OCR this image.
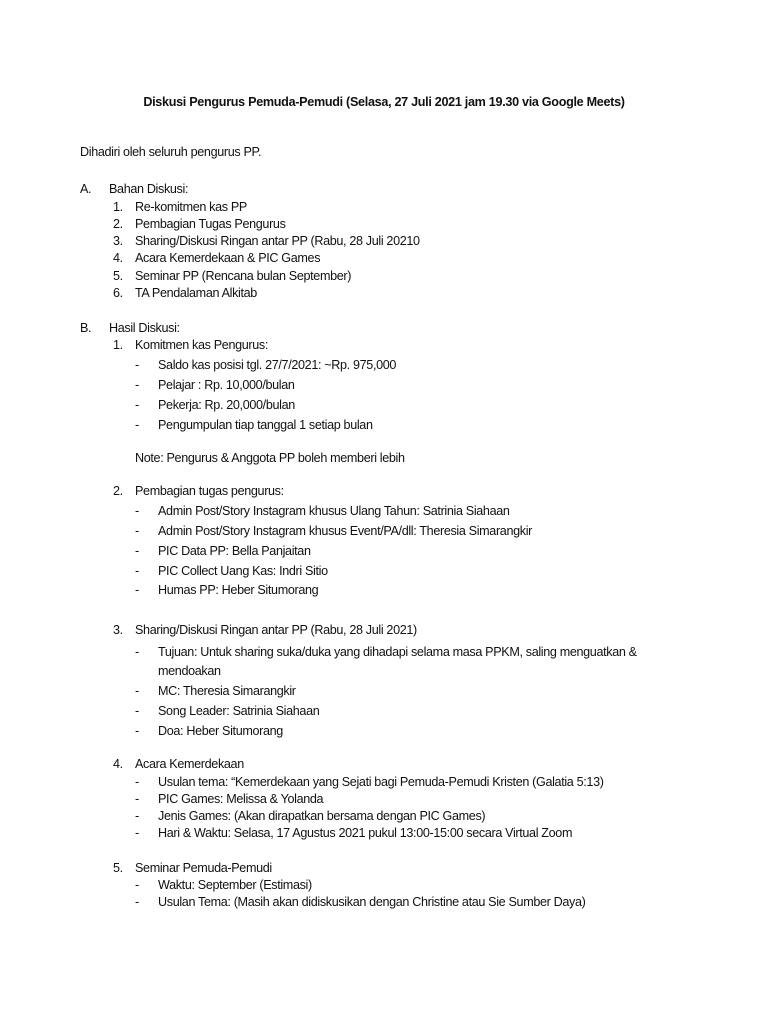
Diskusi Pengurus Pemuda-Pemudi (Selasa, 27 Juli 2021 jam 19.30 via Google Meets)
Dihadiri oleh seluruh pengurus PP.
A. Bahan Diskusi:
1. Re-komitmen kas PP
2. Pembagian Tugas Pengurus
3. Sharing/Diskusi Ringan antar PP (Rabu, 28 Juli 20210
4. Acara Kemerdekaan & PIC Games
5. Seminar PP (Rencana bulan September)
6. TA Pendalaman Alkitab
B. Hasil Diskusi:
1. Komitmen kas Pengurus:
- Saldo kas posisi tgl. 27/7/2021: ~Rp. 975,000
- Pelajar : Rp. 10,000/bulan
- Pekerja: Rp. 20,000/bulan
- Pengumpulan tiap tanggal 1 setiap bulan
Note: Pengurus & Anggota PP boleh memberi lebih
2. Pembagian tugas pengurus:
- Admin Post/Story Instagram khusus Ulang Tahun: Satrinia Siahaan
- Admin Post/Story Instagram khusus Event/PA/dll: Theresia Simarangkir
- PIC Data PP: Bella Panjaitan
- PIC Collect Uang Kas: Indri Sitio
- Humas PP: Heber Situmorang
3. Sharing/Diskusi Ringan antar PP (Rabu, 28 Juli 2021)
- Tujuan: Untuk sharing suka/duka yang dihadapi selama masa PPKM, saling menguatkan &
- MC: Theresia Simarangkir
- Song Leader: Satrinia Siahaan
- Doa: Heber Situmorang
mendoakan
4. Acara Kemerdekaan
- Usulan tema: “Kemerdekaan yang Sejati bagi Pemuda-Pemudi Kristen (Galatia 5:13)
- PIC Games: Melissa & Yolanda
- Jenis Games: (Akan dirapatkan bersama dengan PIC Games)
- Hari & Waktu: Selasa, 17 Agustus 2021 pukul 13:00-15:00 secara Virtual Zoom
5. Seminar Pemuda-Pemudi
- Waktu: September (Estimasi)
- Usulan Tema: (Masih akan didiskusikan dengan Christine atau Sie Sumber Daya)
